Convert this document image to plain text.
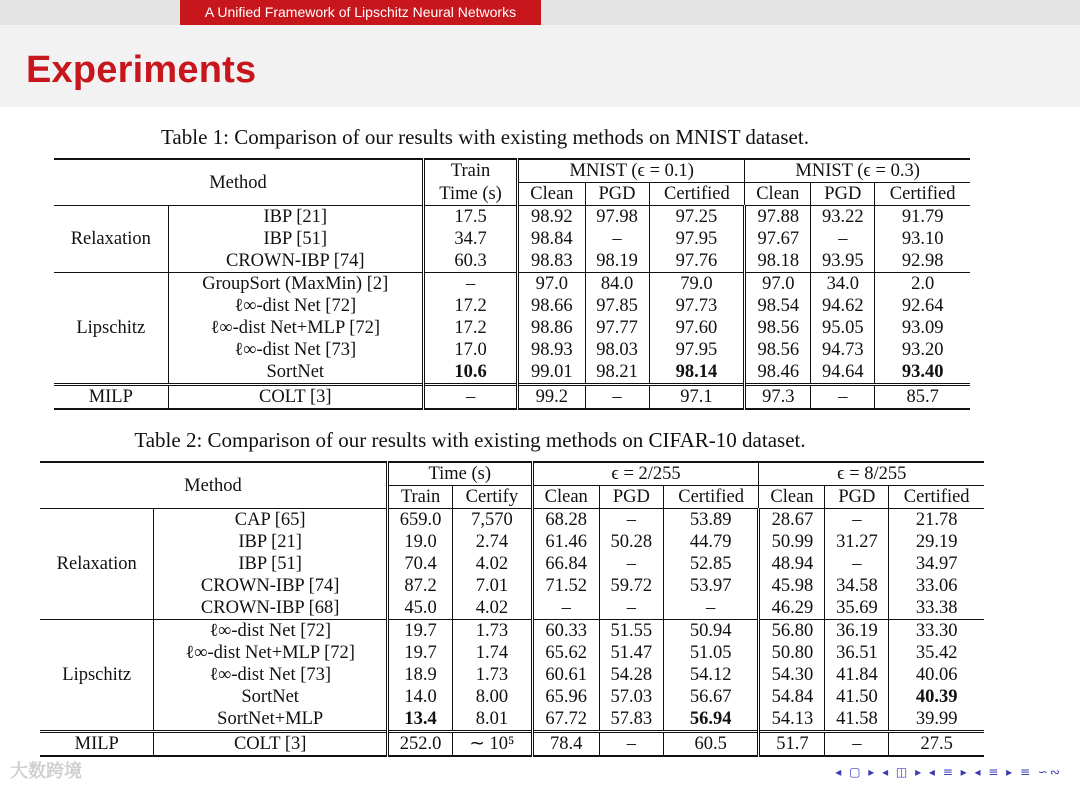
A Unified Framework of Lipschitz Neural Networks
Experiments
Table 1: Comparison of our results with existing methods on MNIST dataset.
Method		Train	MNIST (ϵ = 0.1)			MNIST (ϵ = 0.3)		
		Time (s)	Clean	PGD	Certified	Clean	PGD	Certified
Relaxation	IBP [21]	17.5	98.92	97.98	97.25	97.88	93.22	91.79
	IBP [51]	34.7	98.84	–	97.95	97.67	–	93.10
	CROWN-IBP [74]	60.3	98.83	98.19	97.76	98.18	93.95	92.98
Lipschitz	GroupSort (MaxMin) [2]	–	97.0	84.0	79.0	97.0	34.0	2.0
	ℓ∞-dist Net [72]	17.2	98.66	97.85	97.73	98.54	94.62	92.64
	ℓ∞-dist Net+MLP [72]	17.2	98.86	97.77	97.60	98.56	95.05	93.09
	ℓ∞-dist Net [73]	17.0	98.93	98.03	97.95	98.56	94.73	93.20
	SortNet	10.6	99.01	98.21	98.14	98.46	94.64	93.40
MILP	COLT [3]	–	99.2	–	97.1	97.3	–	85.7
Table 2: Comparison of our results with existing methods on CIFAR-10 dataset.
Method		Time (s)		ϵ = 2/255			ϵ = 8/255		
		Train	Certify	Clean	PGD	Certified	Clean	PGD	Certified
Relaxation	CAP [65]	659.0	7,570	68.28	–	53.89	28.67	–	21.78
	IBP [21]	19.0	2.74	61.46	50.28	44.79	50.99	31.27	29.19
	IBP [51]	70.4	4.02	66.84	–	52.85	48.94	–	34.97
	CROWN-IBP [74]	87.2	7.01	71.52	59.72	53.97	45.98	34.58	33.06
	CROWN-IBP [68]	45.0	4.02	–	–	–	46.29	35.69	33.38
Lipschitz	ℓ∞-dist Net [72]	19.7	1.73	60.33	51.55	50.94	56.80	36.19	33.30
	ℓ∞-dist Net+MLP [72]	19.7	1.74	65.62	51.47	51.05	50.80	36.51	35.42
	ℓ∞-dist Net [73]	18.9	1.73	60.61	54.28	54.12	54.30	41.84	40.06
	SortNet	14.0	8.00	65.96	57.03	56.67	54.84	41.50	40.39
	SortNet+MLP	13.4	8.01	67.72	57.83	56.94	54.13	41.58	39.99
MILP	COLT [3]	252.0	∼ 10⁵	78.4	–	60.5	51.7	–	27.5
大数跨境	◂ ▢ ▸ ◂ ◫ ▸ ◂ ≡ ▸ ◂ ≡ ▸ ≡ ∽∾
